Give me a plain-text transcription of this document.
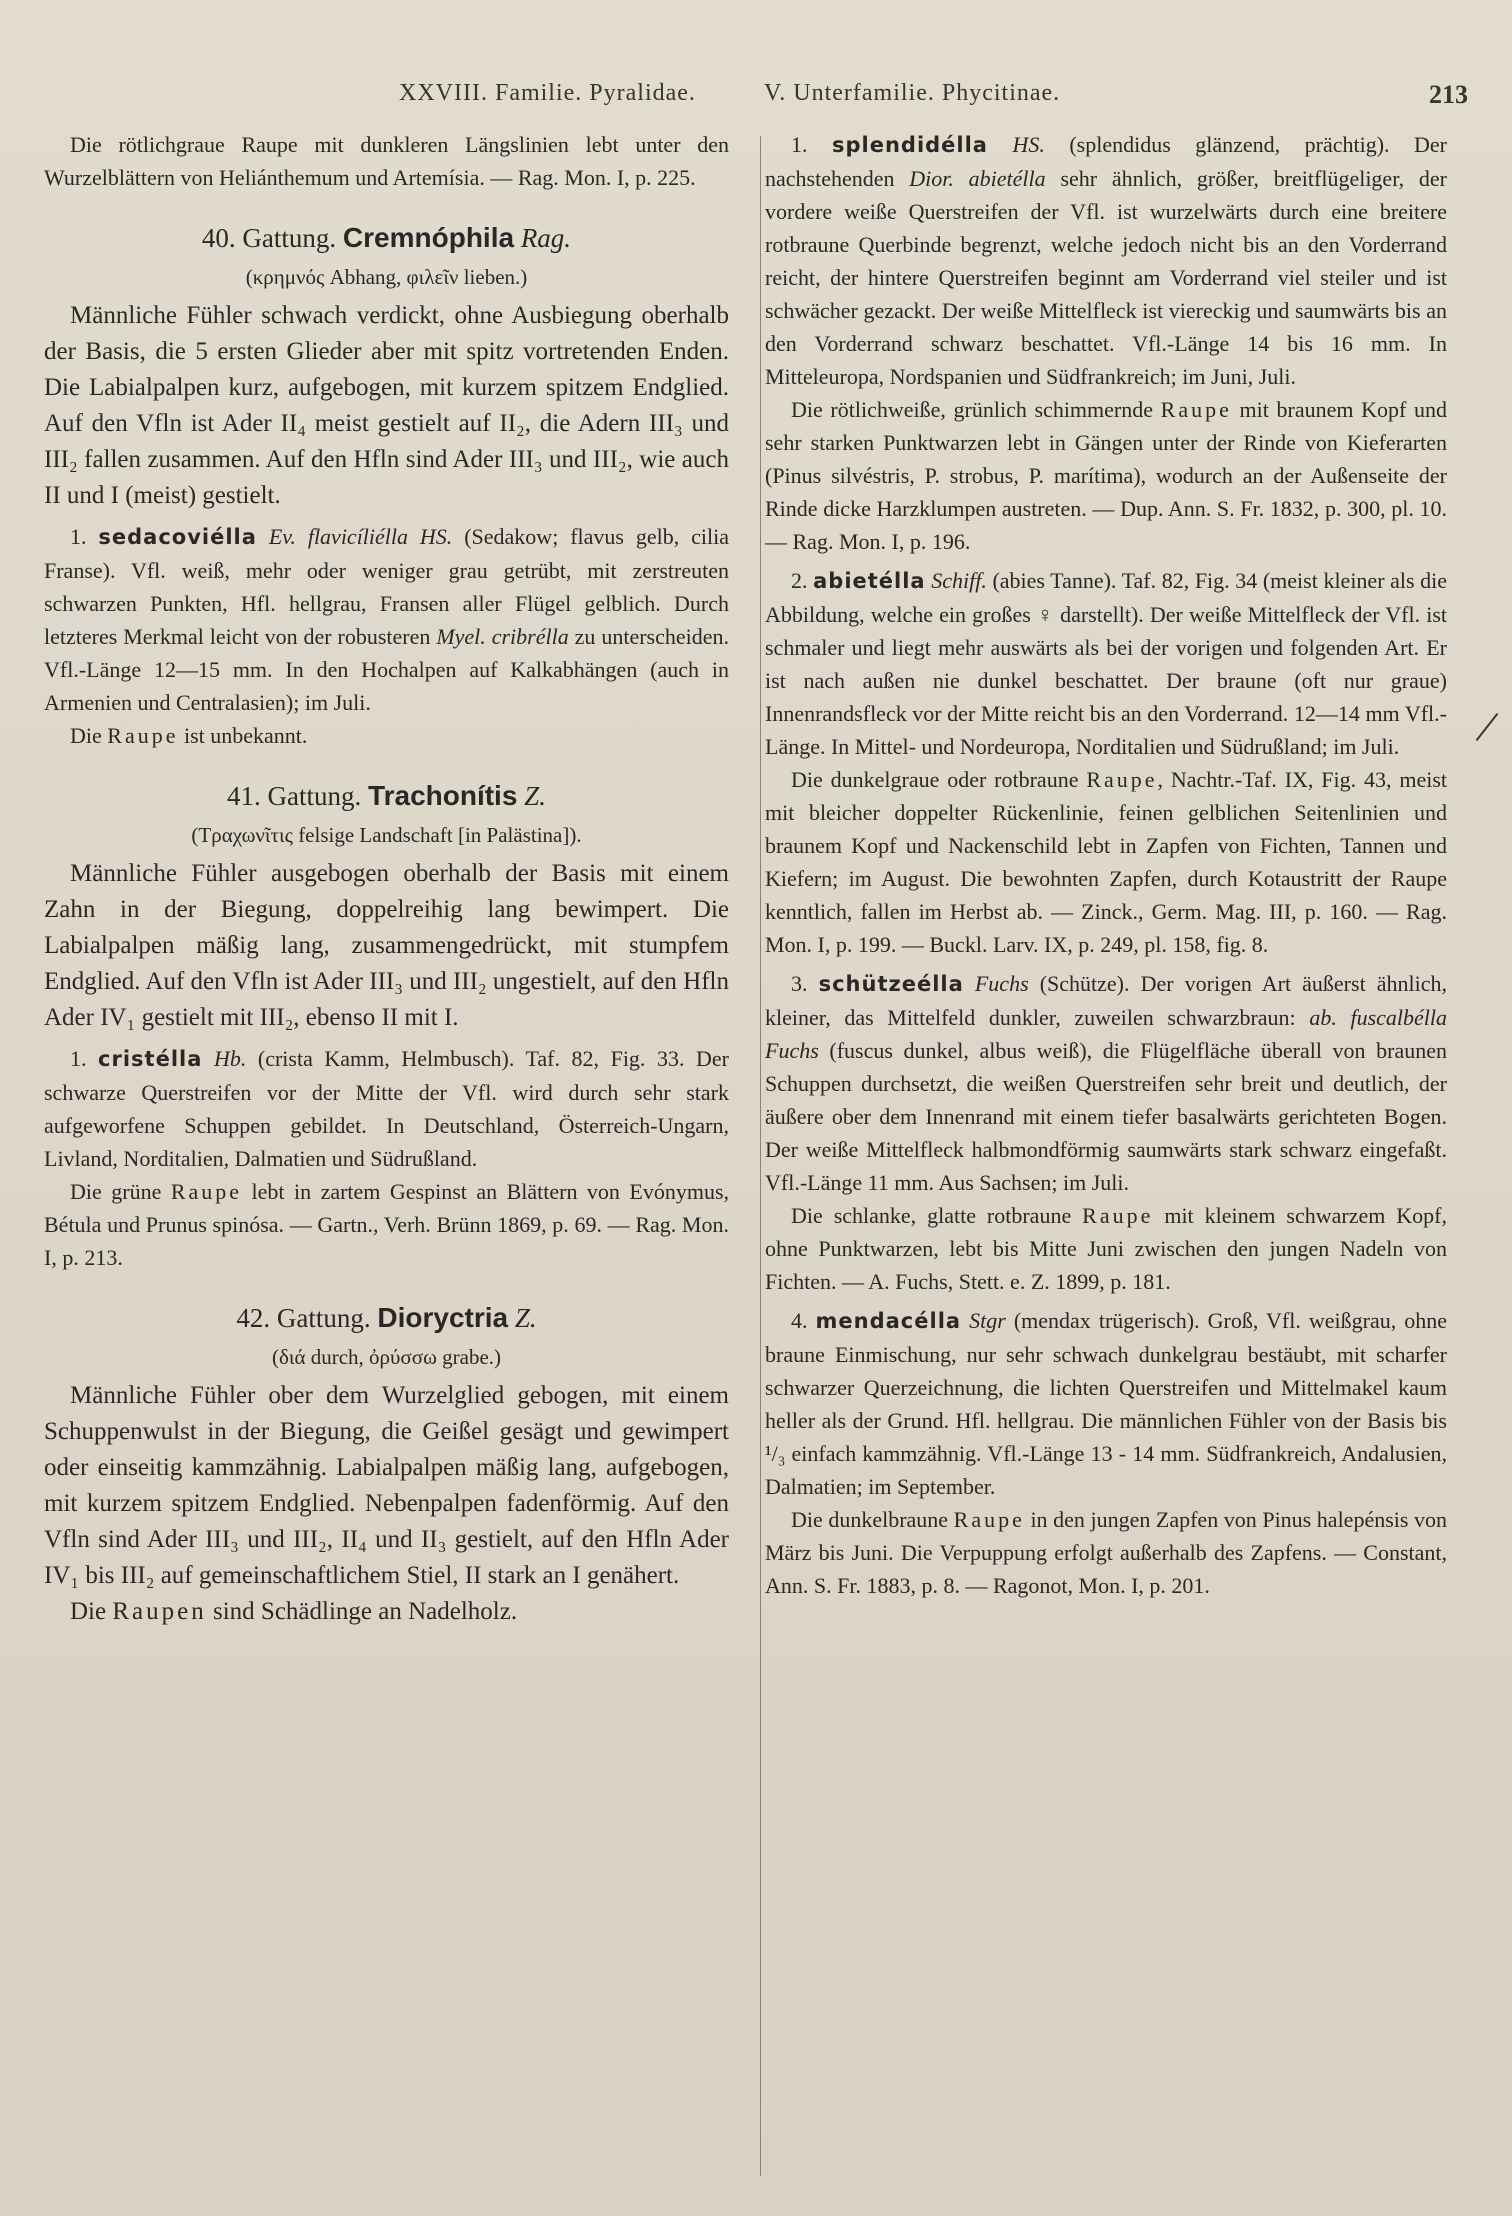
XXVIII. Familie. Pyralidae.	V. Unterfamilie. Phycitinae.	213

Die rötlichgraue Raupe mit dunkleren Längslinien lebt unter den Wurzelblättern von Heliánthemum und Artemísia. — Rag. Mon. I, p. 225.

40. Gattung. Cremnóphila Rag.
(κρημνός Abhang, φιλεῖν lieben.)

Männliche Fühler schwach verdickt, ohne Ausbiegung oberhalb der Basis, die 5 ersten Glieder aber mit spitz vortretenden Enden. Die Labialpalpen kurz, aufgebogen, mit kurzem spitzem Endglied. Auf den Vfln ist Ader II₄ meist gestielt auf II₂, die Adern III₃ und III₂ fallen zusammen. Auf den Hfln sind Ader III₃ und III₂, wie auch II und I (meist) gestielt.

1. sedacoviélla Ev. flavicíliélla HS. (Sedakow; flavus gelb, cilia Franse). Vfl. weiß, mehr oder weniger grau getrübt, mit zerstreuten schwarzen Punkten, Hfl. hellgrau, Fransen aller Flügel gelblich. Durch letzteres Merkmal leicht von der robusteren Myel. cribrélla zu unterscheiden. Vfl.-Länge 12—15 mm. In den Hochalpen auf Kalkabhängen (auch in Armenien und Centralasien); im Juli.

Die Raupe ist unbekannt.

41. Gattung. Trachonítis Z.
(Τραχωνῖτις felsige Landschaft [in Palästina]).

Männliche Fühler ausgebogen oberhalb der Basis mit einem Zahn in der Biegung, doppelreihig lang bewimpert. Die Labialpalpen mäßig lang, zusammengedrückt, mit stumpfem Endglied. Auf den Vfln ist Ader III₃ und III₂ ungestielt, auf den Hfln Ader IV₁ gestielt mit III₂, ebenso II mit I.

1. cristélla Hb. (crista Kamm, Helmbusch). Taf. 82, Fig. 33. Der schwarze Querstreifen vor der Mitte der Vfl. wird durch sehr stark aufgeworfene Schuppen gebildet. In Deutschland, Österreich-Ungarn, Livland, Norditalien, Dalmatien und Südrußland.

Die grüne Raupe lebt in zartem Gespinst an Blättern von Evónymus, Bétula und Prunus spinósa. — Gartn., Verh. Brünn 1869, p. 69. — Rag. Mon. I, p. 213.

42. Gattung. Dioryctria Z.
(διά durch, ὀρύσσω grabe.)

Männliche Fühler ober dem Wurzelglied gebogen, mit einem Schuppenwulst in der Biegung, die Geißel gesägt und gewimpert oder einseitig kammzähnig. Labialpalpen mäßig lang, aufgebogen, mit kurzem spitzem Endglied. Nebenpalpen fadenförmig. Auf den Vfln sind Ader III₃ und III₂, II₄ und II₃ gestielt, auf den Hfln Ader IV₁ bis III₂ auf gemeinschaftlichem Stiel, II stark an I genähert.

Die Raupen sind Schädlinge an Nadelholz.

1. splendidélla HS. (splendidus glänzend, prächtig). Der nachstehenden Dior. abietélla sehr ähnlich, größer, breitflügeliger, der vordere weiße Querstreifen der Vfl. ist wurzelwärts durch eine breitere rotbraune Querbinde begrenzt, welche jedoch nicht bis an den Vorderrand reicht, der hintere Querstreifen beginnt am Vorderrand viel steiler und ist schwächer gezackt. Der weiße Mittelfleck ist viereckig und saumwärts bis an den Vorderrand schwarz beschattet. Vfl.-Länge 14 bis 16 mm. In Mitteleuropa, Nordspanien und Südfrankreich; im Juni, Juli.

Die rötlichweiße, grünlich schimmernde Raupe mit braunem Kopf und sehr starken Punktwarzen lebt in Gängen unter der Rinde von Kieferarten (Pinus silvéstris, P. strobus, P. marítima), wodurch an der Außenseite der Rinde dicke Harzklumpen austreten. — Dup. Ann. S. Fr. 1832, p. 300, pl. 10. — Rag. Mon. I, p. 196.

2. abietélla Schiff. (abies Tanne). Taf. 82, Fig. 34 (meist kleiner als die Abbildung, welche ein großes ♀ darstellt). Der weiße Mittelfleck der Vfl. ist schmaler und liegt mehr auswärts als bei der vorigen und folgenden Art. Er ist nach außen nie dunkel beschattet. Der braune (oft nur graue) Innenrandsfleck vor der Mitte reicht bis an den Vorderrand. 12—14 mm Vfl.-Länge. In Mittel- und Nordeuropa, Norditalien und Südrußland; im Juli.

Die dunkelgraue oder rotbraune Raupe, Nachtr.-Taf. IX, Fig. 43, meist mit bleicher doppelter Rückenlinie, feinen gelblichen Seitenlinien und braunem Kopf und Nackenschild lebt in Zapfen von Fichten, Tannen und Kiefern; im August. Die bewohnten Zapfen, durch Kotaustritt der Raupe kenntlich, fallen im Herbst ab. — Zinck., Germ. Mag. III, p. 160. — Rag. Mon. I, p. 199. — Buckl. Larv. IX, p. 249, pl. 158, fig. 8.

3. schützeélla Fuchs (Schütze). Der vorigen Art äußerst ähnlich, kleiner, das Mittelfeld dunkler, zuweilen schwarzbraun: ab. fuscalbélla Fuchs (fuscus dunkel, albus weiß), die Flügelfläche überall von braunen Schuppen durchsetzt, die weißen Querstreifen sehr breit und deutlich, der äußere ober dem Innenrand mit einem tiefer basalwärts gerichteten Bogen. Der weiße Mittelfleck halbmondförmig saumwärts stark schwarz eingefaßt. Vfl.-Länge 11 mm. Aus Sachsen; im Juli.

Die schlanke, glatte rotbraune Raupe mit kleinem schwarzem Kopf, ohne Punktwarzen, lebt bis Mitte Juni zwischen den jungen Nadeln von Fichten. — A. Fuchs, Stett. e. Z. 1899, p. 181.

4. mendacélla Stgr (mendax trügerisch). Groß, Vfl. weißgrau, ohne braune Einmischung, nur sehr schwach dunkelgrau bestäubt, mit scharfer schwarzer Querzeichnung, die lichten Querstreifen und Mittelmakel kaum heller als der Grund. Hfl. hellgrau. Die männlichen Fühler von der Basis bis ¹/₃ einfach kammzähnig. Vfl.-Länge 13 - 14 mm. Südfrankreich, Andalusien, Dalmatien; im September.

Die dunkelbraune Raupe in den jungen Zapfen von Pinus halepénsis von März bis Juni. Die Verpuppung erfolgt außerhalb des Zapfens. — Constant, Ann. S. Fr. 1883, p. 8. — Ragonot, Mon. I, p. 201.
